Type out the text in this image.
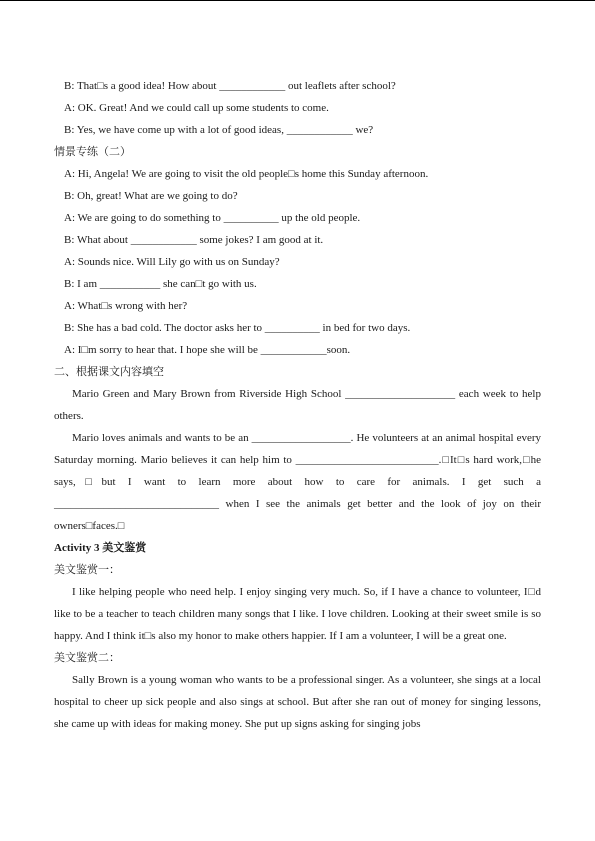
B: That□s a good idea! How about ____________ out leaflets after school?
A: OK. Great! And we could call up some students to come.
B: Yes, we have come up with a lot of good ideas, ____________ we?
情景专练（二）
A: Hi, Angela! We are going to visit the old people□s home this Sunday afternoon.
B: Oh, great! What are we going to do?
A: We are going to do something to __________ up the old people.
B: What about ____________ some jokes? I am good at it.
A: Sounds nice. Will Lily go with us on Sunday?
B: I am ___________ she can□t go with us.
A: What□s wrong with her?
B: She has a bad cold. The doctor asks her to __________ in bed for two days.
A: I□m sorry to hear that. I hope she will be ____________soon.
二、根据课文内容填空
Mario Green and Mary Brown from Riverside High School ____________________ each week to help others.
Mario loves animals and wants to be an __________________. He volunteers at an animal hospital every Saturday morning. Mario believes it can help him to __________________________.□It□s hard work,□he says,□but I want to learn more about how to care for animals. I get such a ______________________________ when I see the animals get better and the look of joy on their owners□faces.□
Activity 3 美文鉴赏
美文鉴赏一：
I like helping people who need help. I enjoy singing very much. So, if I have a chance to volunteer, I□d like to be a teacher to teach children many songs that I like. I love children. Looking at their sweet smile is so happy. And I think it□s also my honor to make others happier. If I am a volunteer, I will be a great one.
美文鉴赏二：
Sally Brown is a young woman who wants to be a professional singer. As a volunteer, she sings at a local hospital to cheer up sick people and also sings at school. But after she ran out of money for singing lessons, she came up with ideas for making money. She put up signs asking for singing jobs
